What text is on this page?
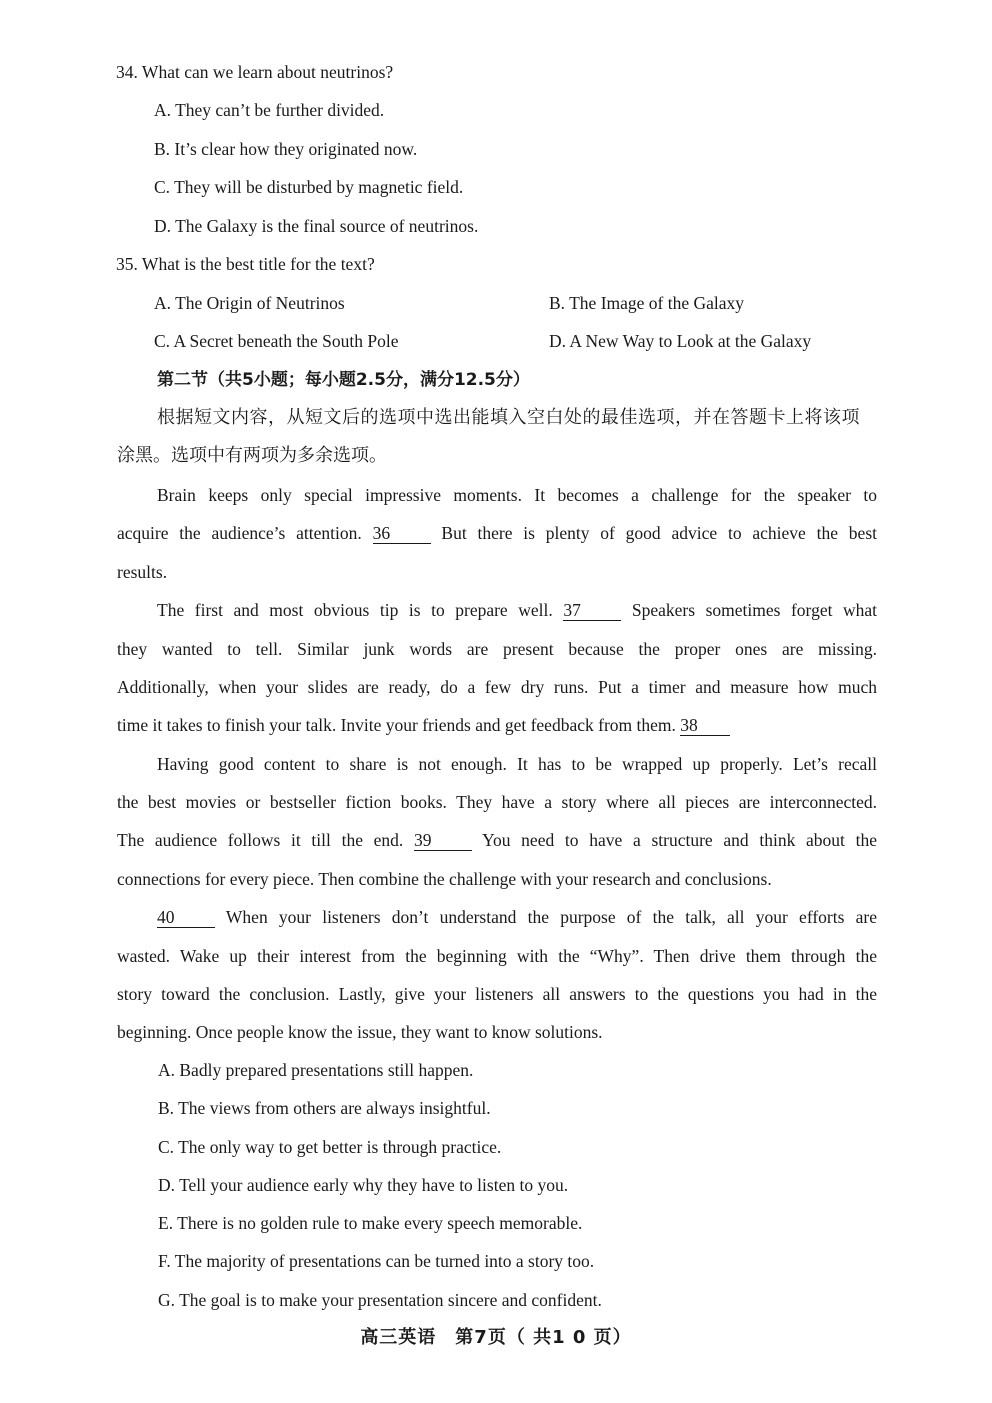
34. What can we learn about neutrinos?
A. They can’t be further divided.
B. It’s clear how they originated now.
C. They will be disturbed by magnetic field.
D. The Galaxy is the final source of neutrinos.
35. What is the best title for the text?
A. The Origin of Neutrinos	B. The Image of the Galaxy
C. A Secret beneath the South Pole	D. A New Way to Look at the Galaxy
第二节（共5小题；每小题2.5分，满分12.5分）
根据短文内容，从短文后的选项中选出能填入空白处的最佳选项，并在答题卡上将该项
涂黑。选项中有两项为多余选项。
Brain keeps only special impressive moments. It becomes a challenge for the speaker to
acquire the audience’s attention. 36	But there is plenty of good advice to achieve the best
results.
The first and most obvious tip is to prepare well. 37	Speakers sometimes forget what
they wanted to tell. Similar junk words are present because the proper ones are missing.
Additionally, when your slides are ready, do a few dry runs. Put a timer and measure how much
time it takes to finish your talk. Invite your friends and get feedback from them. 38
Having good content to share is not enough. It has to be wrapped up properly. Let’s recall
the best movies or bestseller fiction books. They have a story where all pieces are interconnected.
The audience follows it till the end. 39	You need to have a structure and think about the
connections for every piece. Then combine the challenge with your research and conclusions.
40	When your listeners don’t understand the purpose of the talk, all your efforts are
wasted. Wake up their interest from the beginning with the “Why”. Then drive them through the
story toward the conclusion. Lastly, give your listeners all answers to the questions you had in the
beginning. Once people know the issue, they want to know solutions.
A. Badly prepared presentations still happen.
B. The views from others are always insightful.
C. The only way to get better is through practice.
D. Tell your audience early why they have to listen to you.
E. There is no golden rule to make every speech memorable.
F. The majority of presentations can be turned into a story too.
G. The goal is to make your presentation sincere and confident.
高三英语　第7页（ 共1 0 页）
